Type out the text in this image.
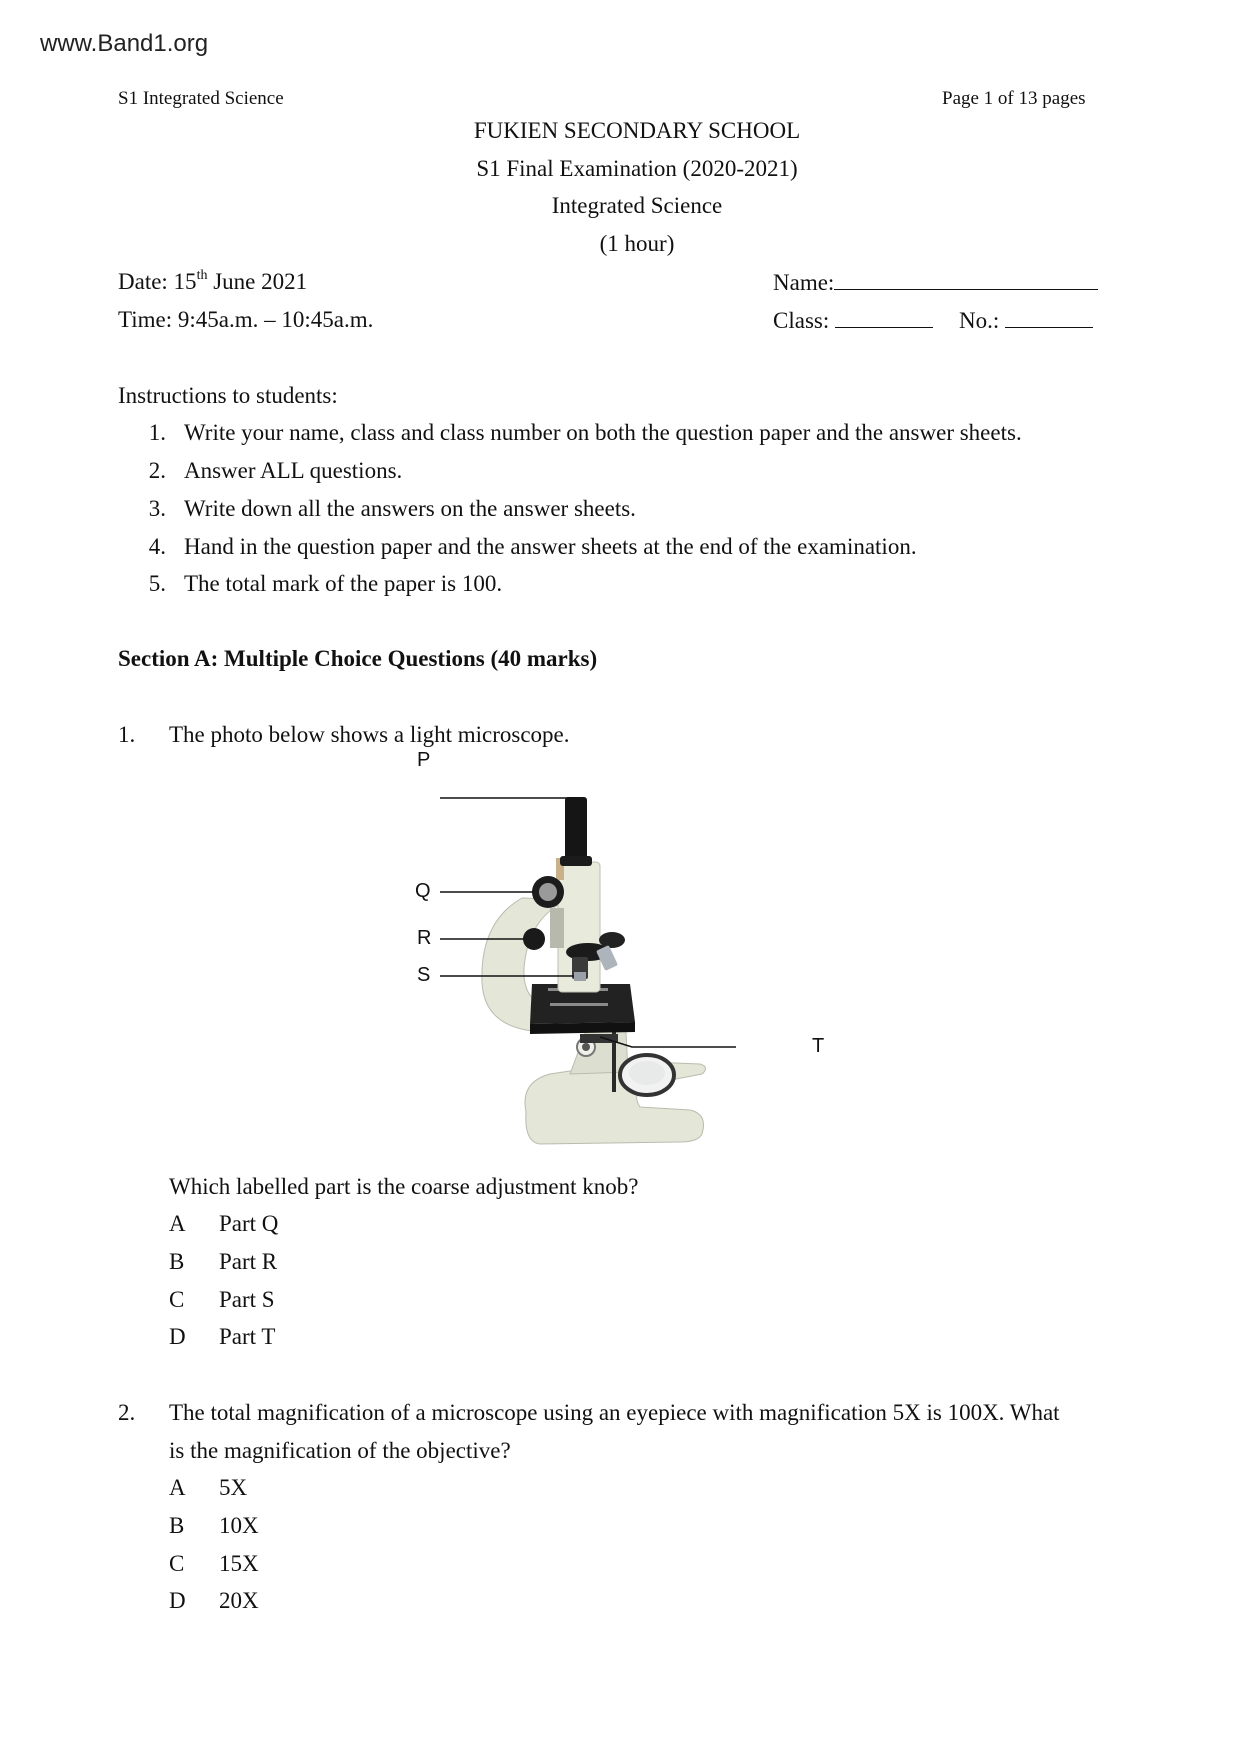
www.Band1.org
S1 Integrated Science	Page 1 of 13 pages
FUKIEN SECONDARY SCHOOL
S1 Final Examination (2020-2021)
Integrated Science
(1 hour)
Date: 15th June 2021
Time: 9:45a.m. – 10:45a.m.
Name:
Class:	No.:
Instructions to students:
1. Write your name, class and class number on both the question paper and the answer sheets.
2. Answer ALL questions.
3. Write down all the answers on the answer sheets.
4. Hand in the question paper and the answer sheets at the end of the examination.
5. The total mark of the paper is 100.
Section A: Multiple Choice Questions (40 marks)
1. The photo below shows a light microscope.
P
Q
R
S
T
Which labelled part is the coarse adjustment knob?
A Part Q
B Part R
C Part S
D Part T
2. The total magnification of a microscope using an eyepiece with magnification 5X is 100X. What
is the magnification of the objective?
A 5X
B 10X
C 15X
D 20X
